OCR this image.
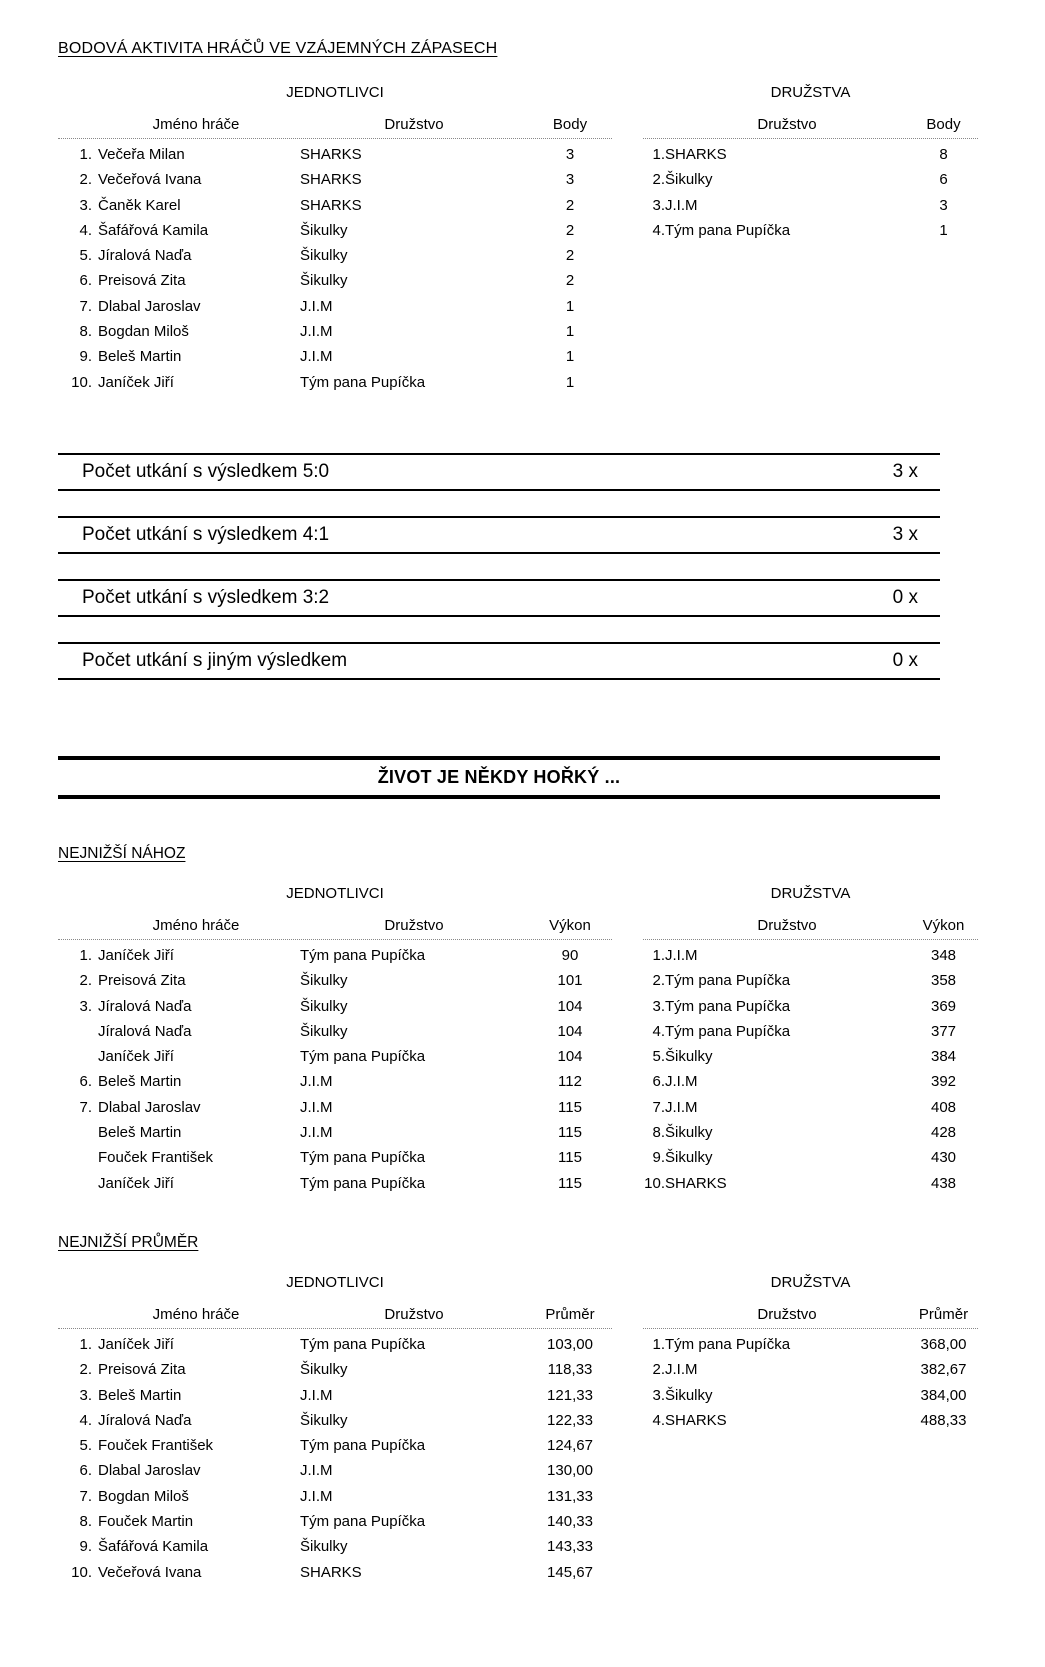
BODOVÁ AKTIVITA HRÁČŮ VE VZÁJEMNÝCH ZÁPASECH
JEDNOTLIVCI
Jméno hráče	Družstvo	Body
1. Večeřa Milan	SHARKS	3
2. Večeřová Ivana	SHARKS	3
3. Čaněk Karel	SHARKS	2
4. Šafářová Kamila	Šikulky	2
5. Jíralová Naďa	Šikulky	2
6. Preisová Zita	Šikulky	2
7. Dlabal Jaroslav	J.I.M	1
8. Bogdan Miloš	J.I.M	1
9. Beleš Martin	J.I.M	1
10. Janíček Jiří	Tým pana Pupíčka	1
DRUŽSTVA
Družstvo	Body
1. SHARKS	8
2. Šikulky	6
3. J.I.M	3
4. Tým pana Pupíčka	1
Počet utkání s výsledkem 5:0	3 x
Počet utkání s výsledkem 4:1	3 x
Počet utkání s výsledkem 3:2	0 x
Počet utkání s jiným výsledkem	0 x
ŽIVOT JE NĚKDY HOŘKÝ ...
NEJNIŽŠÍ NÁHOZ
JEDNOTLIVCI
Jméno hráče	Družstvo	Výkon
1. Janíček Jiří	Tým pana Pupíčka	90
2. Preisová Zita	Šikulky	101
3. Jíralová Naďa	Šikulky	104
Jíralová Naďa	Šikulky	104
Janíček Jiří	Tým pana Pupíčka	104
6. Beleš Martin	J.I.M	112
7. Dlabal Jaroslav	J.I.M	115
Beleš Martin	J.I.M	115
Fouček František	Tým pana Pupíčka	115
Janíček Jiří	Tým pana Pupíčka	115
DRUŽSTVA
Družstvo	Výkon
1. J.I.M	348
2. Tým pana Pupíčka	358
3. Tým pana Pupíčka	369
4. Tým pana Pupíčka	377
5. Šikulky	384
6. J.I.M	392
7. J.I.M	408
8. Šikulky	428
9. Šikulky	430
10. SHARKS	438
NEJNIŽŠÍ PRŮMĚR
JEDNOTLIVCI
Jméno hráče	Družstvo	Průměr
1. Janíček Jiří	Tým pana Pupíčka	103,00
2. Preisová Zita	Šikulky	118,33
3. Beleš Martin	J.I.M	121,33
4. Jíralová Naďa	Šikulky	122,33
5. Fouček František	Tým pana Pupíčka	124,67
6. Dlabal Jaroslav	J.I.M	130,00
7. Bogdan Miloš	J.I.M	131,33
8. Fouček Martin	Tým pana Pupíčka	140,33
9. Šafářová Kamila	Šikulky	143,33
10. Večeřová Ivana	SHARKS	145,67
DRUŽSTVA
Družstvo	Průměr
1. Tým pana Pupíčka	368,00
2. J.I.M	382,67
3. Šikulky	384,00
4. SHARKS	488,33
